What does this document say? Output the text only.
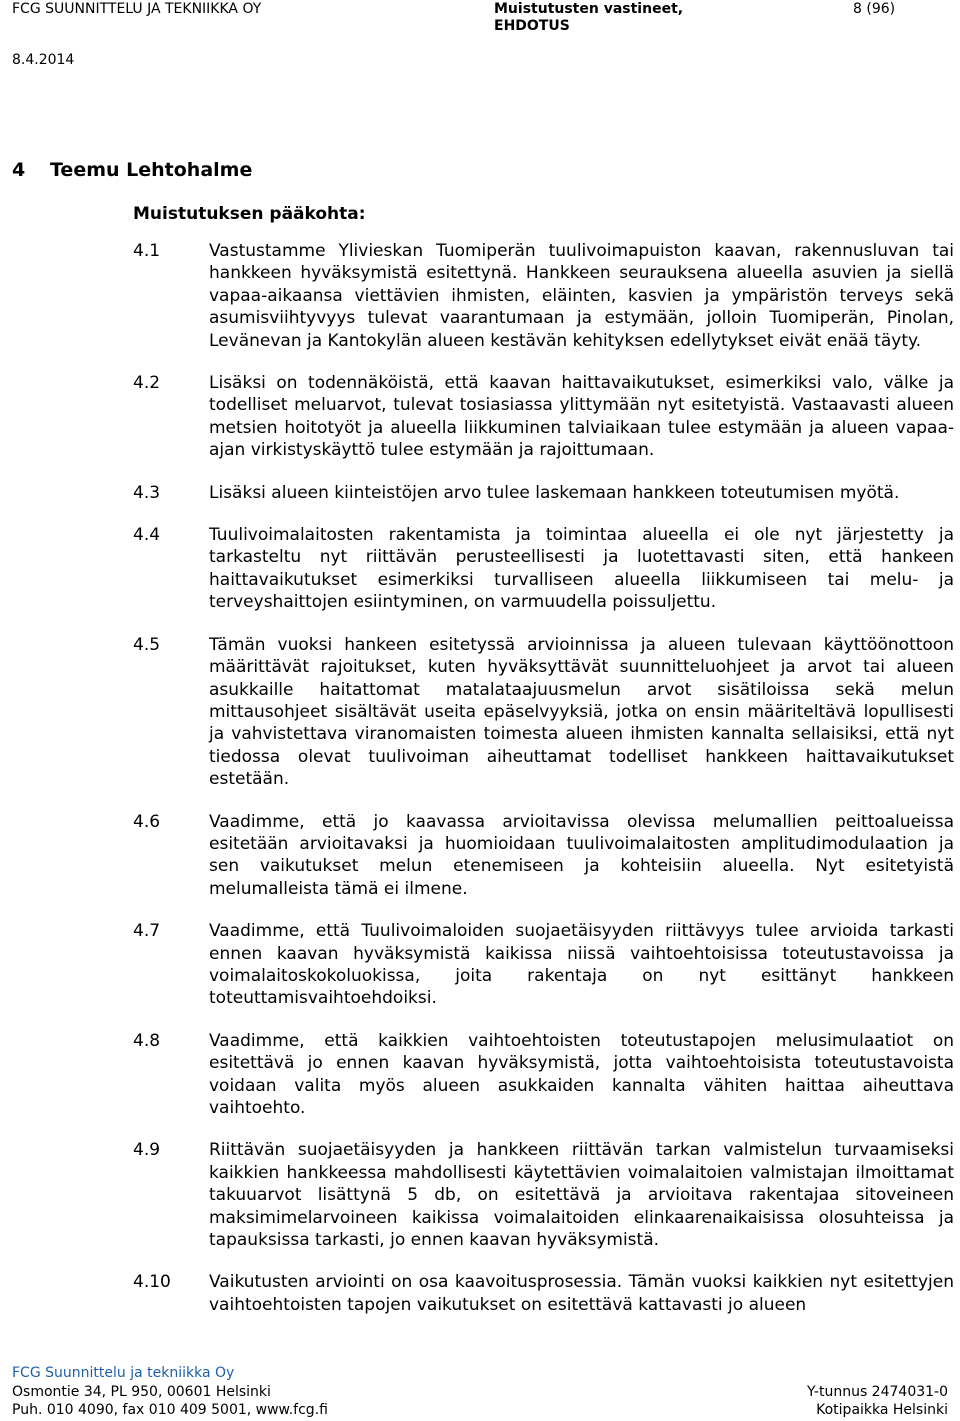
FCG SUUNNITTELU JA TEKNIIKKA OY
8.4.2014
Muistutusten vastineet,
EHDOTUS
8 (96)
4 Teemu Lehtohalme
Muistutuksen pääkohta:
4.1	Vastustamme Ylivieskan Tuomiperän tuulivoimapuiston kaavan, rakennusluvan tai hankkeen hyväksymistä esitettynä. Hankkeen seurauksena alueella asuvien ja siellä vapaa-aikaansa viettävien ihmisten, eläinten, kasvien ja ympäristön terveys sekä asumisviihtyvyys tulevat vaarantumaan ja estymään, jolloin Tuomiperän, Pinolan, Levänevan ja Kantokylän alueen kestävän kehityksen edellytykset eivät enää täyty.
4.2	Lisäksi on todennäköistä, että kaavan haittavaikutukset, esimerkiksi valo, välke ja todelliset meluarvot, tulevat tosiasiassa ylittymään nyt esitetyistä. Vastaavasti alueen metsien hoitotyöt ja alueella liikkuminen talviaikaan tulee estymään ja alueen vapaa-ajan virkistyskäyttö tulee estymään ja rajoittumaan.
4.3	Lisäksi alueen kiinteistöjen arvo tulee laskemaan hankkeen toteutumisen myötä.
4.4	Tuulivoimalaitosten rakentamista ja toimintaa alueella ei ole nyt järjestetty ja tarkasteltu nyt riittävän perusteellisesti ja luotettavasti siten, että hankeen haittavaikutukset esimerkiksi turvalliseen alueella liikkumiseen tai melu- ja terveyshaittojen esiintyminen, on varmuudella poissuljettu.
4.5	Tämän vuoksi hankeen esitetyssä arvioinnissa ja alueen tulevaan käyttöönottoon määrittävät rajoitukset, kuten hyväksyttävät suunnitteluohjeet ja arvot tai alueen asukkaille haitattomat matalataajuusmelun arvot sisätiloissa sekä melun mittausohjeet sisältävät useita epäselvyyksiä, jotka on ensin määriteltävä lopullisesti ja vahvistettava viranomaisten toimesta alueen ihmisten kannalta sellaisiksi, että nyt tiedossa olevat tuulivoiman aiheuttamat todelliset hankkeen haittavaikutukset estetään.
4.6	Vaadimme, että jo kaavassa arvioitavissa olevissa melumallien peittoalueissa esitetään arvioitavaksi ja huomioidaan tuulivoimalaitosten amplitudimodulaation ja sen vaikutukset melun etenemiseen ja kohteisiin alueella. Nyt esitetyistä melumalleista tämä ei ilmene.
4.7	Vaadimme, että Tuulivoimaloiden suojaetäisyyden riittävyys tulee arvioida tarkasti ennen kaavan hyväksymistä kaikissa niissä vaihtoehtoisissa toteutustavoissa ja voimalaitoskokoluokissa, joita rakentaja on nyt esittänyt hankkeen toteuttamisvaihtoehdoiksi.
4.8	Vaadimme, että kaikkien vaihtoehtoisten toteutustapojen melusimulaatiot on esitettävä jo ennen kaavan hyväksymistä, jotta vaihtoehtoisista toteutustavoista voidaan valita myös alueen asukkaiden kannalta vähiten haittaa aiheuttava vaihtoehto.
4.9	Riittävän suojaetäisyyden ja hankkeen riittävän tarkan valmistelun turvaamiseksi kaikkien hankkeessa mahdollisesti käytettävien voimalaitoien valmistajan ilmoittamat takuuarvot lisättynä 5 db, on esitettävä ja arvioitava rakentajaa sitoveineen maksimimelarvoineen kaikissa voimalaitoiden elinkaarenaikaisissa olosuhteissa ja tapauksissa tarkasti, jo ennen kaavan hyväksymistä.
4.10 Vaikutusten arviointi on osa kaavoitusprosessia. Tämän vuoksi kaikkien nyt esitettyjen vaihtoehtoisten tapojen vaikutukset on esitettävä kattavasti jo alueen
FCG Suunnittelu ja tekniikka Oy
Osmontie 34, PL 950, 00601 Helsinki
Puh. 010 4090, fax 010 409 5001, www.fcg.fi
Y-tunnus 2474031-0
Kotipaikka Helsinki
